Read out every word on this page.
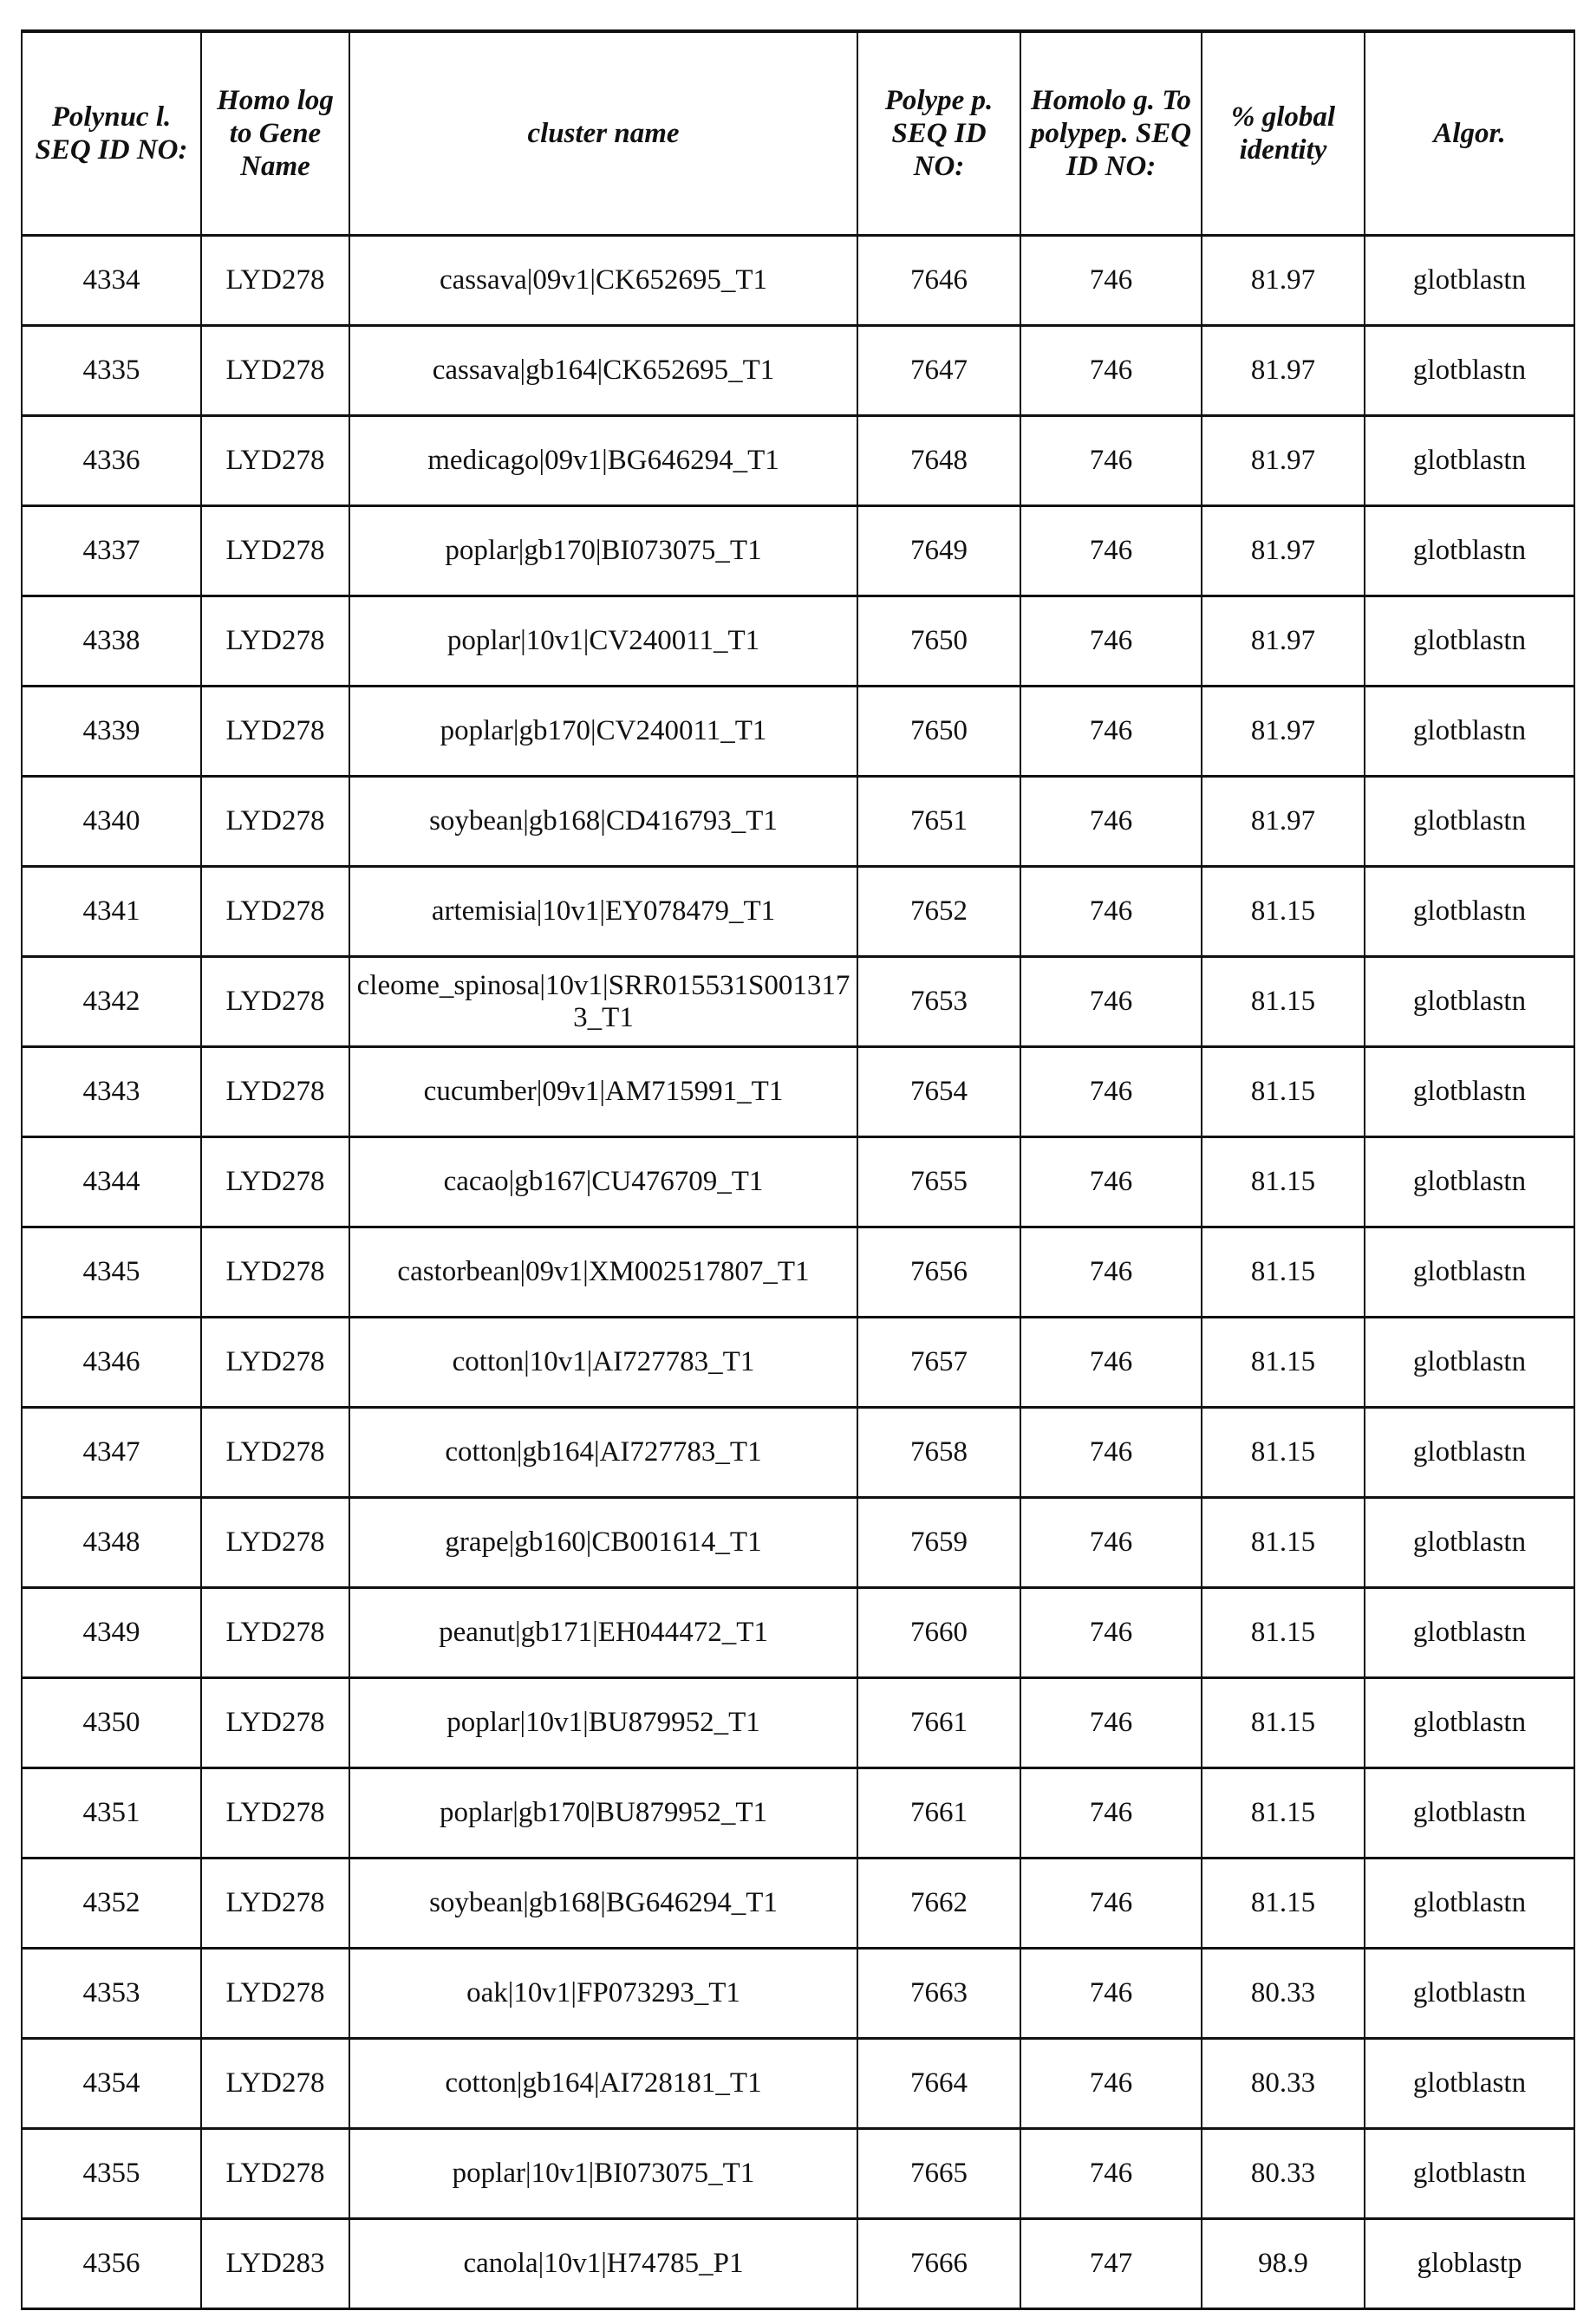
Polynuc l. SEQ ID NO:	Homo log to Gene Name	cluster name	Polype p. SEQ ID NO:	Homolo g. To polypep. SEQ ID NO:	% global identity	Algor.
4334	LYD278	cassava|09v1|CK652695_T1	7646	746	81.97	glotblastn
4335	LYD278	cassava|gb164|CK652695_T1	7647	746	81.97	glotblastn
4336	LYD278	medicago|09v1|BG646294_T1	7648	746	81.97	glotblastn
4337	LYD278	poplar|gb170|BI073075_T1	7649	746	81.97	glotblastn
4338	LYD278	poplar|10v1|CV240011_T1	7650	746	81.97	glotblastn
4339	LYD278	poplar|gb170|CV240011_T1	7650	746	81.97	glotblastn
4340	LYD278	soybean|gb168|CD416793_T1	7651	746	81.97	glotblastn
4341	LYD278	artemisia|10v1|EY078479_T1	7652	746	81.15	glotblastn
4342	LYD278	cleome_spinosa|10v1|SRR015531S0013173_T1	7653	746	81.15	glotblastn
4343	LYD278	cucumber|09v1|AM715991_T1	7654	746	81.15	glotblastn
4344	LYD278	cacao|gb167|CU476709_T1	7655	746	81.15	glotblastn
4345	LYD278	castorbean|09v1|XM002517807_T1	7656	746	81.15	glotblastn
4346	LYD278	cotton|10v1|AI727783_T1	7657	746	81.15	glotblastn
4347	LYD278	cotton|gb164|AI727783_T1	7658	746	81.15	glotblastn
4348	LYD278	grape|gb160|CB001614_T1	7659	746	81.15	glotblastn
4349	LYD278	peanut|gb171|EH044472_T1	7660	746	81.15	glotblastn
4350	LYD278	poplar|10v1|BU879952_T1	7661	746	81.15	glotblastn
4351	LYD278	poplar|gb170|BU879952_T1	7661	746	81.15	glotblastn
4352	LYD278	soybean|gb168|BG646294_T1	7662	746	81.15	glotblastn
4353	LYD278	oak|10v1|FP073293_T1	7663	746	80.33	glotblastn
4354	LYD278	cotton|gb164|AI728181_T1	7664	746	80.33	glotblastn
4355	LYD278	poplar|10v1|BI073075_T1	7665	746	80.33	glotblastn
4356	LYD283	canola|10v1|H74785_P1	7666	747	98.9	globlastp
